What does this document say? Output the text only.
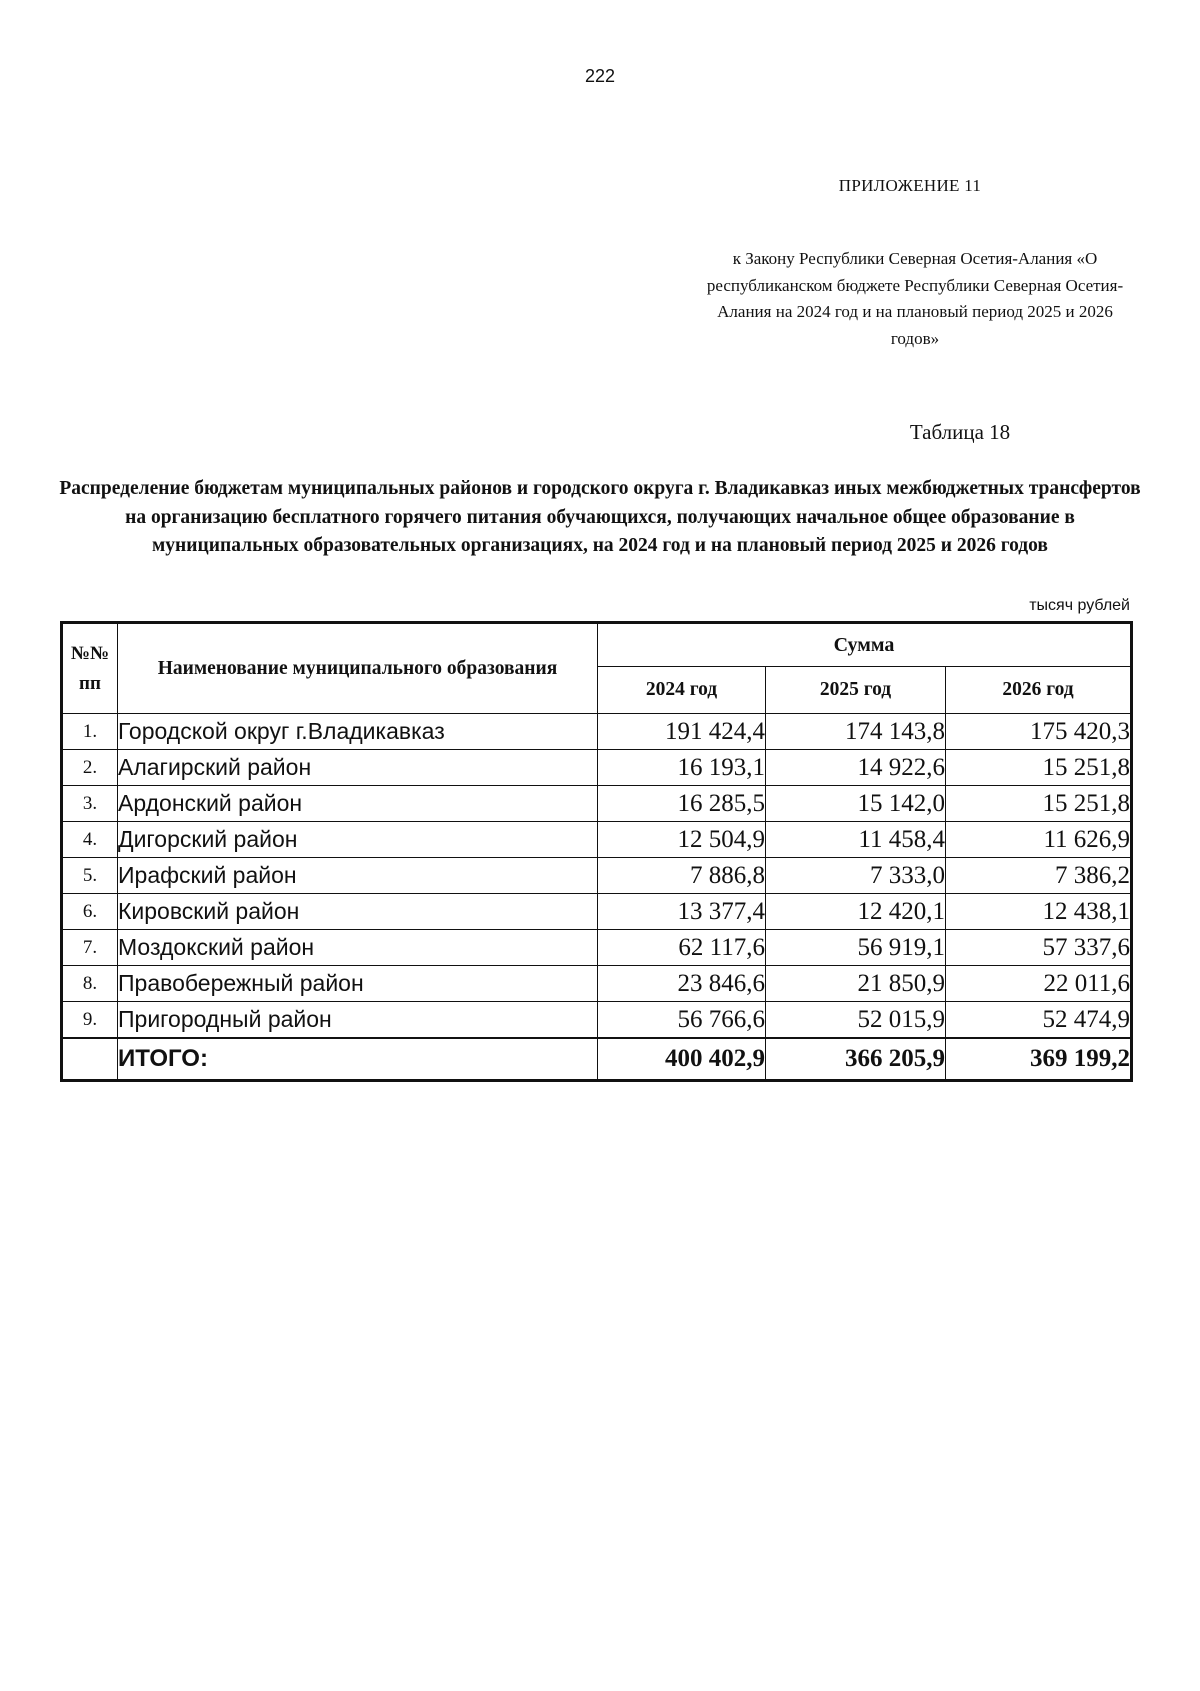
222
ПРИЛОЖЕНИЕ 11
к Закону Республики Северная Осетия-Алания «О республиканском бюджете Республики Северная Осетия-Алания на 2024 год и на плановый период 2025 и 2026 годов»
Таблица 18
Распределение бюджетам муниципальных районов и городского округа г. Владикавказ иных межбюджетных трансфертов на организацию бесплатного горячего питания обучающихся, получающих начальное общее образование в муниципальных образовательных организациях, на 2024 год и на плановый период 2025 и 2026 годов
тысяч рублей
№№ пп	Наименование муниципального образования	Сумма		
		2024 год	2025 год	2026 год
1.	Городской округ г.Владикавказ	191 424,4	174 143,8	175 420,3
2.	Алагирский район	16 193,1	14 922,6	15 251,8
3.	Ардонский район	16 285,5	15 142,0	15 251,8
4.	Дигорский район	12 504,9	11 458,4	11 626,9
5.	Ирафский район	7 886,8	7 333,0	7 386,2
6.	Кировский район	13 377,4	12 420,1	12 438,1
7.	Моздокский район	62 117,6	56 919,1	57 337,6
8.	Правобережный район	23 846,6	21 850,9	22 011,6
9.	Пригородный район	56 766,6	52 015,9	52 474,9
	ИТОГО:	400 402,9	366 205,9	369 199,2
